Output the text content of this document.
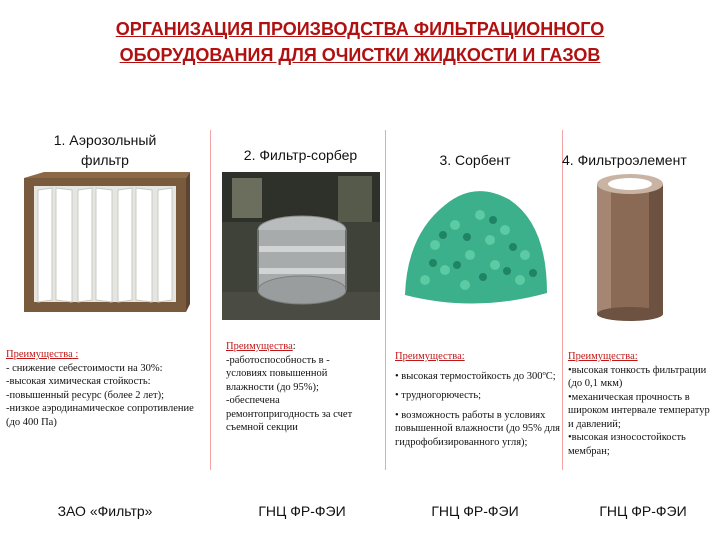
ОРГАНИЗАЦИЯ ПРОИЗВОДСТВА ФИЛЬТРАЦИОННОГО
ОБОРУДОВАНИЯ ДЛЯ ОЧИСТКИ ЖИДКОСТИ И ГАЗОВ
1. Аэрозольный
фильтр	2. Фильтр-сорбер	3. Сорбент	4. Фильтроэлемент

Преимущества :

- снижение себестоимости на 30%:

-высокая химическая стойкость:

-повышенный ресурс (более 2 лет);

-низкое аэродинамическое сопротивление (до 400 Па)

Преимущества:

-работоспособность в - условиях повышенной

влажности (до 95%);

-обеспечена ремонтопригодность за счет

съемной секции

Преимущества:

• высокая термостойкость до 300ºС;

• трудногорючесть;

• возможность работы в условиях повышенной влажности (до 95% для гидрофобизированного угля);

Преимущества:

•высокая тонкость фильтрации (до 0,1 мкм)

•механическая прочность в широком интервале температур и давлений;

•высокая износостойкость мембран;

ЗАО «Фильтр»	ГНЦ ФР-ФЭИ	ГНЦ ФР-ФЭИ	ГНЦ ФР-ФЭИ
